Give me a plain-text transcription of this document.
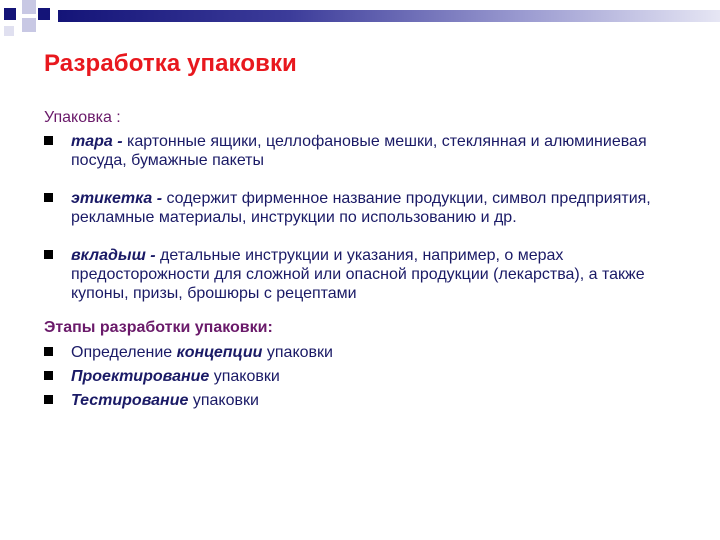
Разработка упаковки

Упаковка :

тара - картонные ящики, целлофановые мешки, стеклянная и алюминиевая посуда, бумажные пакеты

этикетка - содержит фирменное название продукции, символ предприятия, рекламные материалы, инструкции по использованию и др.

вкладыш - детальные инструкции и указания, например, о мерах предосторожности для сложной или опасной продукции (лекарства), а также купоны, призы, брошюры с рецептами

Этапы разработки упаковки:

Определение концепции упаковки

Проектирование упаковки

Тестирование упаковки
